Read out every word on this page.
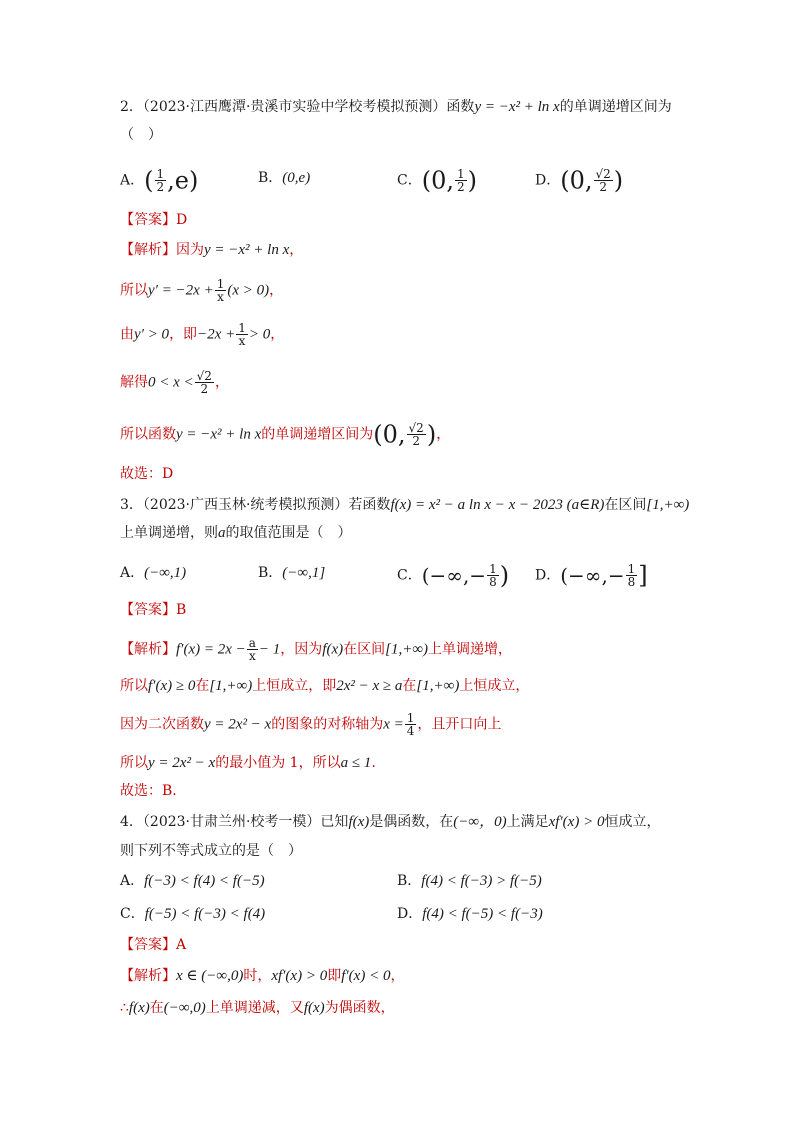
2．（2023·江西鹰潭·贵溪市实验中学校考模拟预测）函数y = −x² + ln x的单调递增区间为
（　）
A．( $\frac{1}{2} ,e$)	B．(0,e)	C．(0, $\frac{1}{2}$ )	D．(0, $\frac{√2}{2}$ )
【答案】D
【解析】因为y = −x² + ln x，
所以$y' = -2x + \frac{1}{x} (x > 0)$，
由y′ > 0，即$-2x + \frac{1}{x} > 0$，
解得$0 < x < \frac{√2}{2}$ ，
所以函数y = −x² + ln x的单调递增区间为(0, $\frac{√2}{2}$ )，
故选：D
3．（2023·广西玉林·统考模拟预测）若函数f(x) = x² − a ln x − x − 2023 (a∈R)在区间[1,+∞)
上单调递增，则a的取值范围是（　）
A．(−∞,1)	B．(−∞,1]	C．(−∞,− $\frac{1}{8}$ ) D．(−∞,− $\frac{1}{8}$ ]
【答案】B
【解析】$f'(x) = 2x - \frac{a}{x} - 1$，因为f(x)在区间[1,+∞)上单调递增，
所以f′(x) ≥ 0在[1,+∞)上恒成立，即2x² − x ≥ a在[1,+∞)上恒成立，
因为二次函数y = 2x² − x的图象的对称轴为$x = \frac{1}{4}$ ，且开口向上
所以y = 2x² − x的最小值为 1，所以a ≤ 1.
故选：B.
4．（2023·甘肃兰州·校考一模）已知f(x)是偶函数，在(−∞，0)上满足xf′(x) > 0恒成立，
则下列不等式成立的是（　）
A．f(−3) < f(4) < f(−5)	B．f(4) < f(−3) > f(−5)
C．f(−5) < f(−3) < f(4)	D．f(4) < f(−5) < f(−3)
【答案】A
【解析】x ∈ (−∞,0)时，xf′(x) > 0即f′(x) < 0，
∴f(x)在(−∞,0)上单调递减，又f(x)为偶函数，
